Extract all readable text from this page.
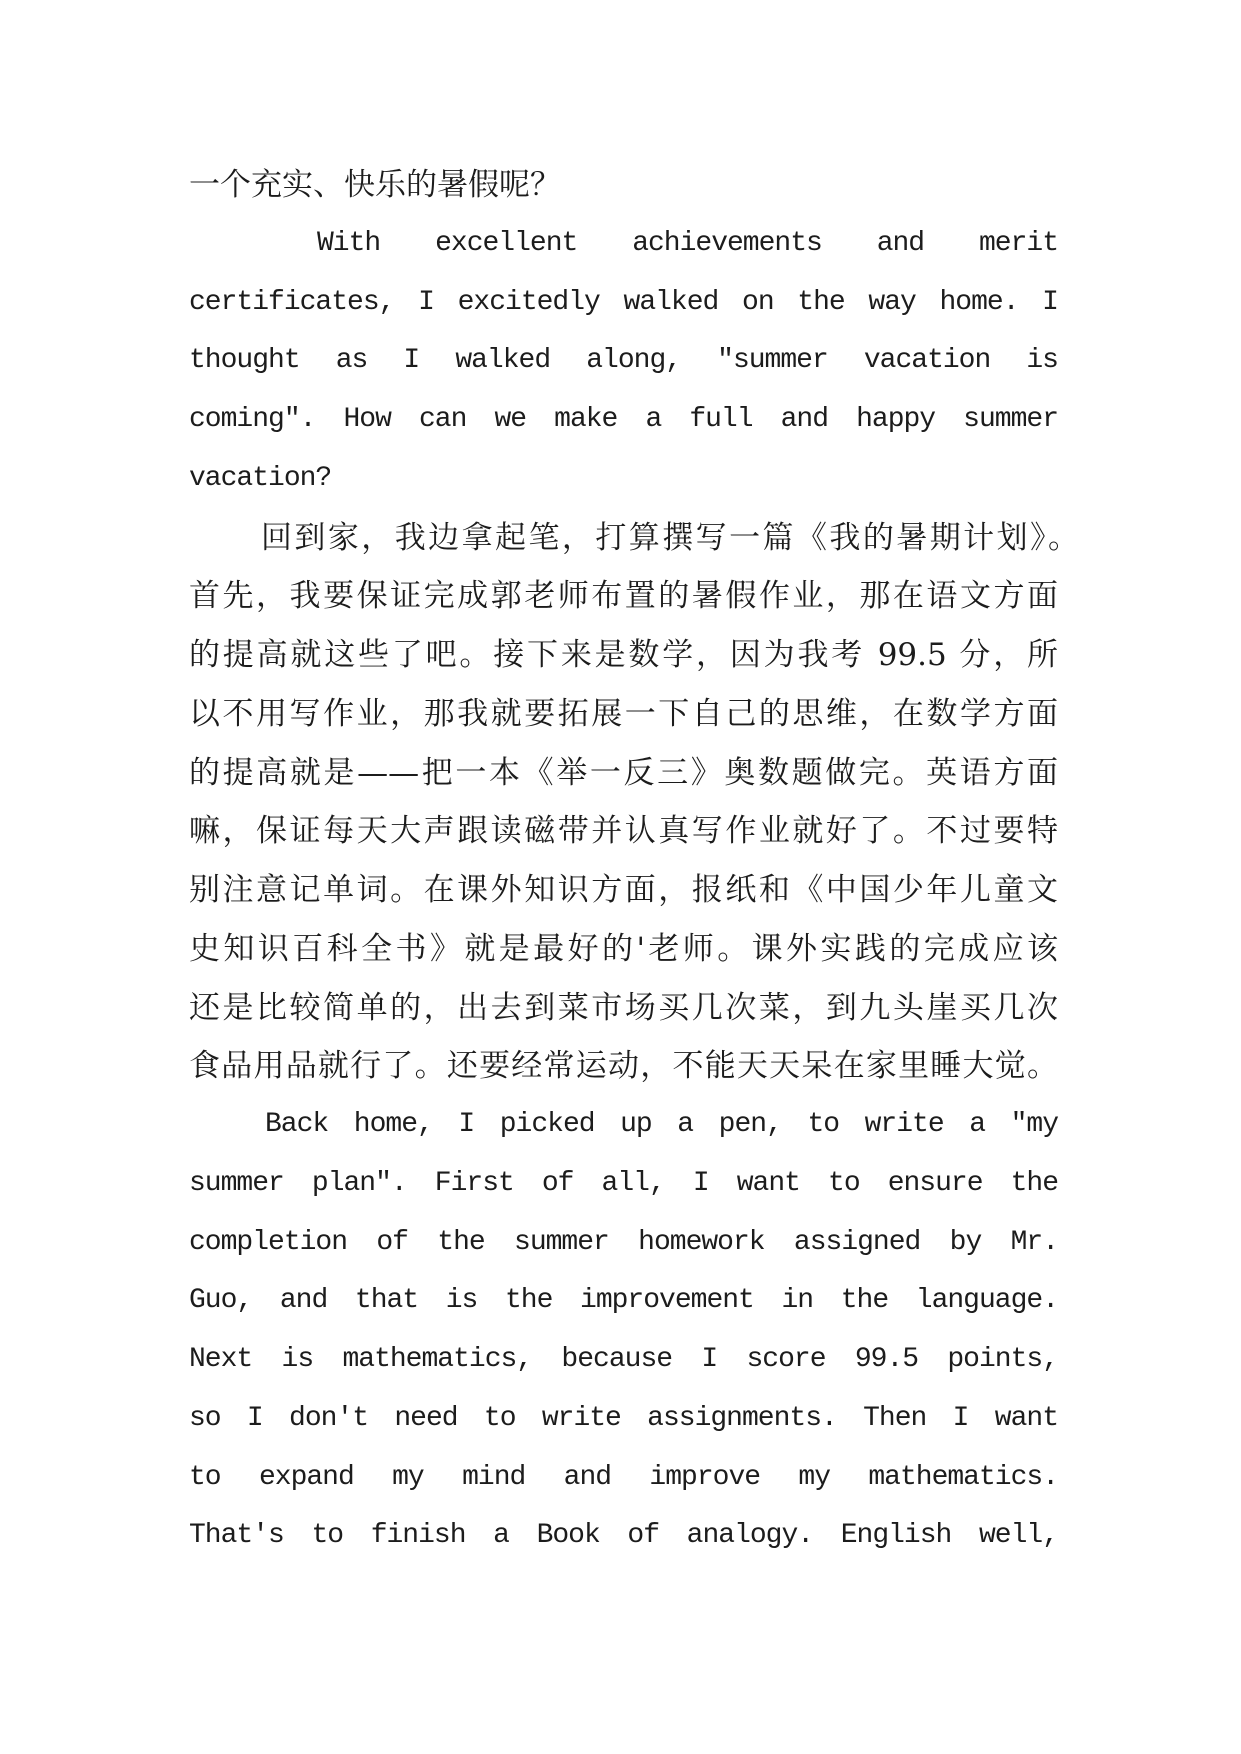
一个充实、快乐的暑假呢？
With excellent achievements and merit
certificates, I excitedly walked on the way home. I
thought as I walked along, "summer vacation is
coming". How can we make a full and happy summer
vacation?
回到家，我边拿起笔，打算撰写一篇《我的暑期计划》。
首先，我要保证完成郭老师布置的暑假作业，那在语文方面
的提高就这些了吧。接下来是数学，因为我考 99.5 分，所
以不用写作业，那我就要拓展一下自己的思维，在数学方面
的提高就是——把一本《举一反三》奥数题做完。英语方面
嘛，保证每天大声跟读磁带并认真写作业就好了。不过要特
别注意记单词。在课外知识方面，报纸和《中国少年儿童文
史知识百科全书》就是最好的'老师。课外实践的完成应该
还是比较简单的，出去到菜市场买几次菜，到九头崖买几次
食品用品就行了。还要经常运动，不能天天呆在家里睡大觉。
Back home, I picked up a pen, to write a "my
summer plan". First of all, I want to ensure the
completion of the summer homework assigned by Mr.
Guo, and that is the improvement in the language.
Next is mathematics, because I score 99.5 points,
so I don't need to write assignments. Then I want
to expand my mind and improve my mathematics.
That's to finish a Book of analogy. English well,
